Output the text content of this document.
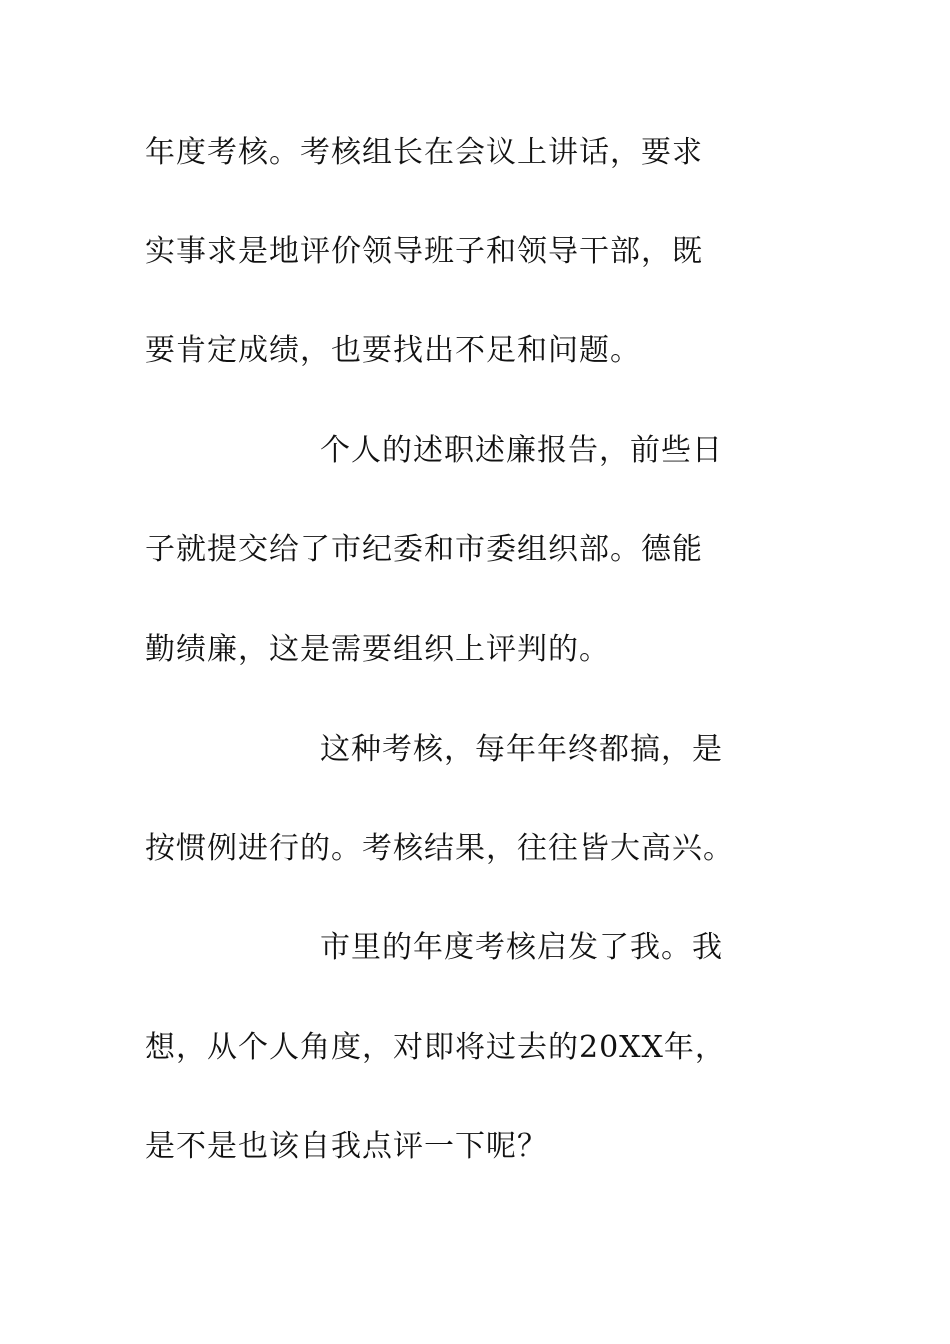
年度考核。考核组长在会议上讲话，要求
实事求是地评价领导班子和领导干部，既
要肯定成绩，也要找出不足和问题。
个人的述职述廉报告，前些日
子就提交给了市纪委和市委组织部。德能
勤绩廉，这是需要组织上评判的。
这种考核，每年年终都搞，是
按惯例进行的。考核结果，往往皆大高兴。
市里的年度考核启发了我。我
想，从个人角度，对即将过去的20XX年，
是不是也该自我点评一下呢？
